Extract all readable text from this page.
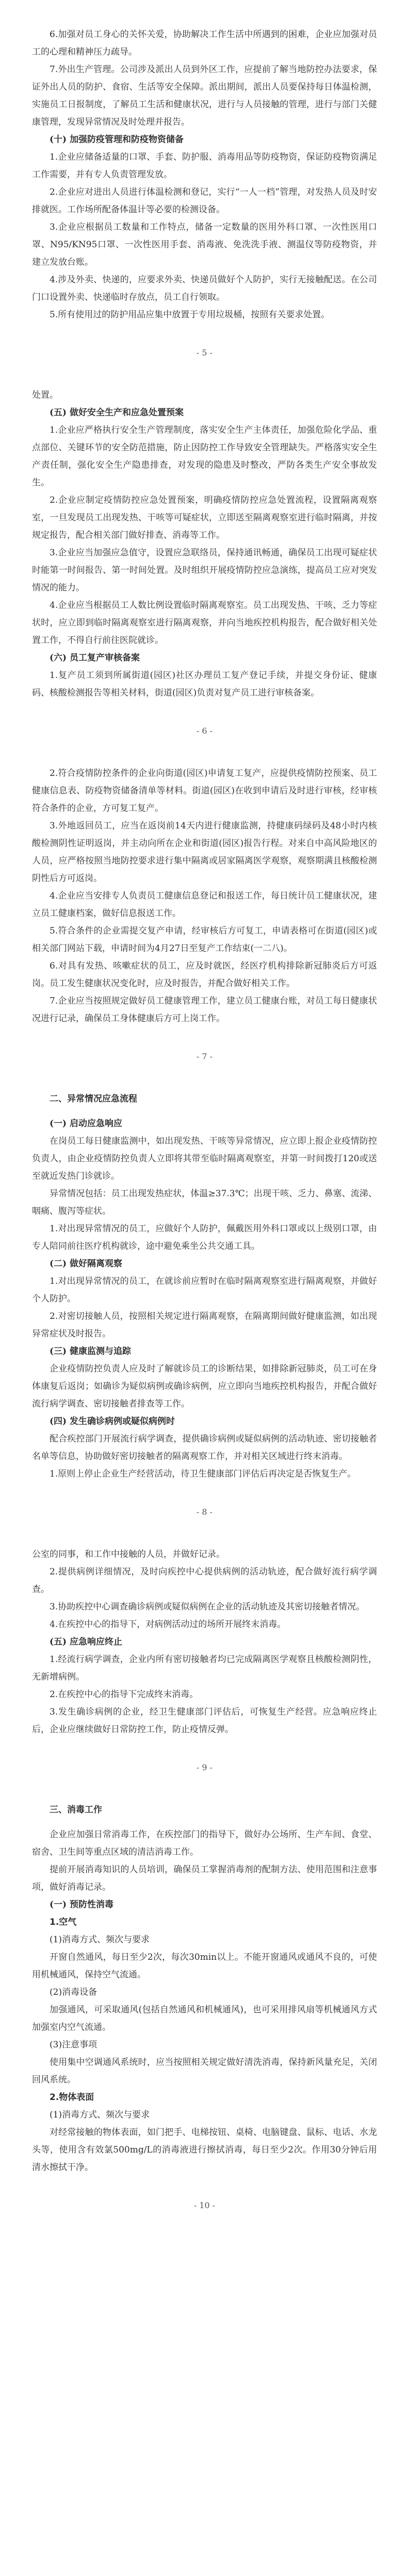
6.加强对员工身心的关怀关爱，协助解决工作生活中所遇到的困难，企业应加强对员工的心理和精神压力疏导。

7.外出生产管理。公司涉及派出人员到外区工作，应提前了解当地防控办法要求，保证外出人员的防护、食宿、生活等安全保障。派出期间，派出人员要保持每日体温检测，实施员工日报制度，了解员工生活和健康状况，进行与人员接触的管理，进行与部门关健康管理，发现异常情况及时处理并报告。

(十) 加强防疫管理和防疫物资储备

1.企业应储备适量的口罩、手套、防护服、消毒用品等防疫物资，保证防疫物资满足工作需要，并有专人负责管理发放。

2.企业应对进出人员进行体温检测和登记，实行“一人一档”管理，对发热人员及时安排就医。工作场所配备体温计等必要的检测设备。

3.企业应根据员工数量和工作特点，储备一定数量的医用外科口罩、一次性医用口罩、N95/KN95口罩、一次性医用手套、消毒液、免洗洗手液、测温仪等防疫物资，并建立发放台账。

4.涉及外卖、快递的，应要求外卖、快递员做好个人防护，实行无接触配送。在公司门口设置外卖、快递临时存放点，员工自行领取。

5.所有使用过的防护用品应集中放置于专用垃圾桶，按照有关要求处置。

- 5 -

处置。

(五) 做好安全生产和应急处置预案

1.企业应严格执行安全生产管理制度，落实安全生产主体责任，加强危险化学品、重点部位、关键环节的安全防范措施，防止因防控工作导致安全管理缺失。严格落实安全生产责任制，强化安全生产隐患排查，对发现的隐患及时整改，严防各类生产安全事故发生。

2.企业应制定疫情防控应急处置预案，明确疫情防控应急处置流程，设置隔离观察室，一旦发现员工出现发热、干咳等可疑症状，立即送至隔离观察室进行临时隔离，并按规定报告，配合相关部门做好排查、消毒等工作。

3.企业应当加强应急值守，设置应急联络员，保持通讯畅通，确保员工出现可疑症状时能第一时间报告、第一时间处置。及时组织开展疫情防控应急演练，提高员工应对突发情况的能力。

4.企业应当根据员工人数比例设置临时隔离观察室。员工出现发热、干咳、乏力等症状时，应立即到临时隔离观察室进行隔离观察，并向当地疾控机构报告，配合做好相关处置工作，不得自行前往医院就诊。

(六) 员工复产审核备案

1.复产员工须到所属街道(园区)社区办理员工复产登记手续，并提交身份证、健康码、核酸检测报告等相关材料，街道(园区)负责对复产员工进行审核备案。

- 6 -

2.符合疫情防控条件的企业向街道(园区)申请复工复产，应提供疫情防控预案、员工健康信息表、防疫物资储备清单等材料。街道(园区)在收到申请后及时进行审核，经审核符合条件的企业，方可复工复产。

3.外地返回员工，应当在返岗前14天内进行健康监测，持健康码绿码及48小时内核酸检测阴性证明返岗，并主动向所在企业和街道(园区)报告行程。对来自中高风险地区的人员，应严格按照当地防控要求进行集中隔离或居家隔离医学观察，观察期满且核酸检测阴性后方可返岗。

4.企业应当安排专人负责员工健康信息登记和报送工作，每日统计员工健康状况，建立员工健康档案，做好信息报送工作。

5.符合条件的企业需提交复产申请，经审核后方可复工，申请表格可在街道(园区)或相关部门网站下载，申请时间为4月27日至复产工作结束(一二八)。

6.对具有发热、咳嗽症状的员工，应及时就医，经医疗机构排除新冠肺炎后方可返岗。员工发生健康状况变化时，应及时报告，并配合做好相关工作。

7.企业应当按照规定做好员工健康管理工作，建立员工健康台账，对员工每日健康状况进行记录，确保员工身体健康后方可上岗工作。

- 7 -

二、异常情况应急流程

(一) 启动应急响应

在岗员工每日健康监测中，如出现发热、干咳等异常情况，应立即上报企业疫情防控负责人，由企业疫情防控负责人立即将其带至临时隔离观察室，并第一时间拨打120或送至就近发热门诊就诊。

异常情况包括：员工出现发热症状，体温≥37.3℃；出现干咳、乏力、鼻塞、流涕、咽痛、腹泻等症状。

1.对出现异常情况的员工，应做好个人防护，佩戴医用外科口罩或以上级别口罩，由专人陪同前往医疗机构就诊，途中避免乘坐公共交通工具。

(二) 做好隔离观察

1.对出现异常情况的员工，在就诊前应暂时在临时隔离观察室进行隔离观察，并做好个人防护。

2.对密切接触人员，按照相关规定进行隔离观察，在隔离期间做好健康监测，如出现异常症状及时报告。

(三) 健康监测与追踪

企业疫情防控负责人应及时了解就诊员工的诊断结果，如排除新冠肺炎，员工可在身体康复后返岗；如确诊为疑似病例或确诊病例，应立即向当地疾控机构报告，并配合做好流行病学调查、密切接触者排查等工作。

(四) 发生确诊病例或疑似病例时

配合疾控部门开展流行病学调查，提供确诊病例或疑似病例的活动轨迹、密切接触者名单等信息，协助做好密切接触者的隔离观察工作，并对相关区域进行终末消毒。

1.原则上停止企业生产经营活动，待卫生健康部门评估后再决定是否恢复生产。

- 8 -

公室的同事，和工作中接触的人员，并做好记录。

2.提供病例详细情况，及时向疾控中心提供病例的活动轨迹，配合做好流行病学调查。

3.协助疾控中心调查确诊病例或疑似病例在企业的活动轨迹及其密切接触者情况。

4.在疾控中心的指导下，对病例活动过的场所开展终末消毒。

(五) 应急响应终止

1.经流行病学调查，企业内所有密切接触者均已完成隔离医学观察且核酸检测阴性，无新增病例。

2.在疾控中心的指导下完成终末消毒。

3.发生确诊病例的企业，经卫生健康部门评估后，可恢复生产经营。应急响应终止后，企业应继续做好日常防控工作，防止疫情反弹。

- 9 -

三、消毒工作

企业应加强日常消毒工作，在疾控部门的指导下，做好办公场所、生产车间、食堂、宿舍、卫生间等重点区域的清洁消毒工作。

提前开展消毒知识的人员培训，确保员工掌握消毒剂的配制方法、使用范围和注意事项，做好消毒记录。

(一) 预防性消毒

1.空气

(1)消毒方式、频次与要求

开窗自然通风，每日至少2次，每次30min以上。不能开窗通风或通风不良的，可使用机械通风，保持空气流通。

(2)消毒设备

加强通风，可采取通风(包括自然通风和机械通风)，也可采用排风扇等机械通风方式加强室内空气流通。

(3)注意事项

使用集中空调通风系统时，应当按照相关规定做好清洗消毒，保持新风量充足，关闭回风系统。

2.物体表面

(1)消毒方式、频次与要求

对经常接触的物体表面，如门把手、电梯按钮、桌椅、电脑键盘、鼠标、电话、水龙头等，使用含有效氯500mg/L的消毒液进行擦拭消毒，每日至少2次。作用30分钟后用清水擦拭干净。

- 10 -
